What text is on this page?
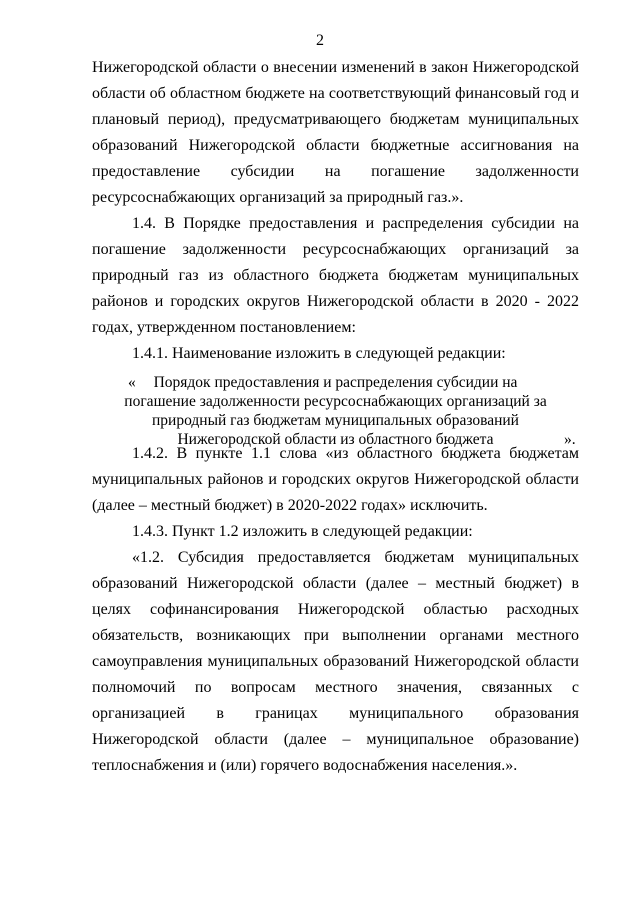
2

Нижегородской области о внесении изменений в закон Нижегородской области об областном бюджете на соответствующий финансовый год и плановый период), предусматривающего бюджетам муниципальных образований Нижегородской области бюджетные ассигнования на предоставление субсидии на погашение задолженности ресурсоснабжающих организаций за природный газ.».

1.4. В Порядке предоставления и распределения субсидии на погашение задолженности ресурсоснабжающих организаций за природный газ из областного бюджета бюджетам муниципальных районов и городских округов Нижегородской области в 2020 - 2022 годах, утвержденном постановлением:

1.4.1. Наименование изложить в следующей редакции:

«	Порядок предоставления и распределения субсидии на
погашение задолженности ресурсоснабжающих организаций за
природный газ бюджетам муниципальных образований
Нижегородской области из областного бюджета	».

1.4.2. В пункте 1.1 слова «из областного бюджета бюджетам муниципальных районов и городских округов Нижегородской области (далее – местный бюджет) в 2020-2022 годах» исключить.

1.4.3. Пункт 1.2 изложить в следующей редакции:

«1.2. Субсидия предоставляется бюджетам муниципальных образований Нижегородской области (далее – местный бюджет) в целях софинансирования Нижегородской областью расходных обязательств, возникающих при выполнении органами местного самоуправления муниципальных образований Нижегородской области полномочий по вопросам местного значения, связанных с организацией в границах муниципального образования Нижегородской области (далее – муниципальное образование) теплоснабжения и (или) горячего водоснабжения населения.».
